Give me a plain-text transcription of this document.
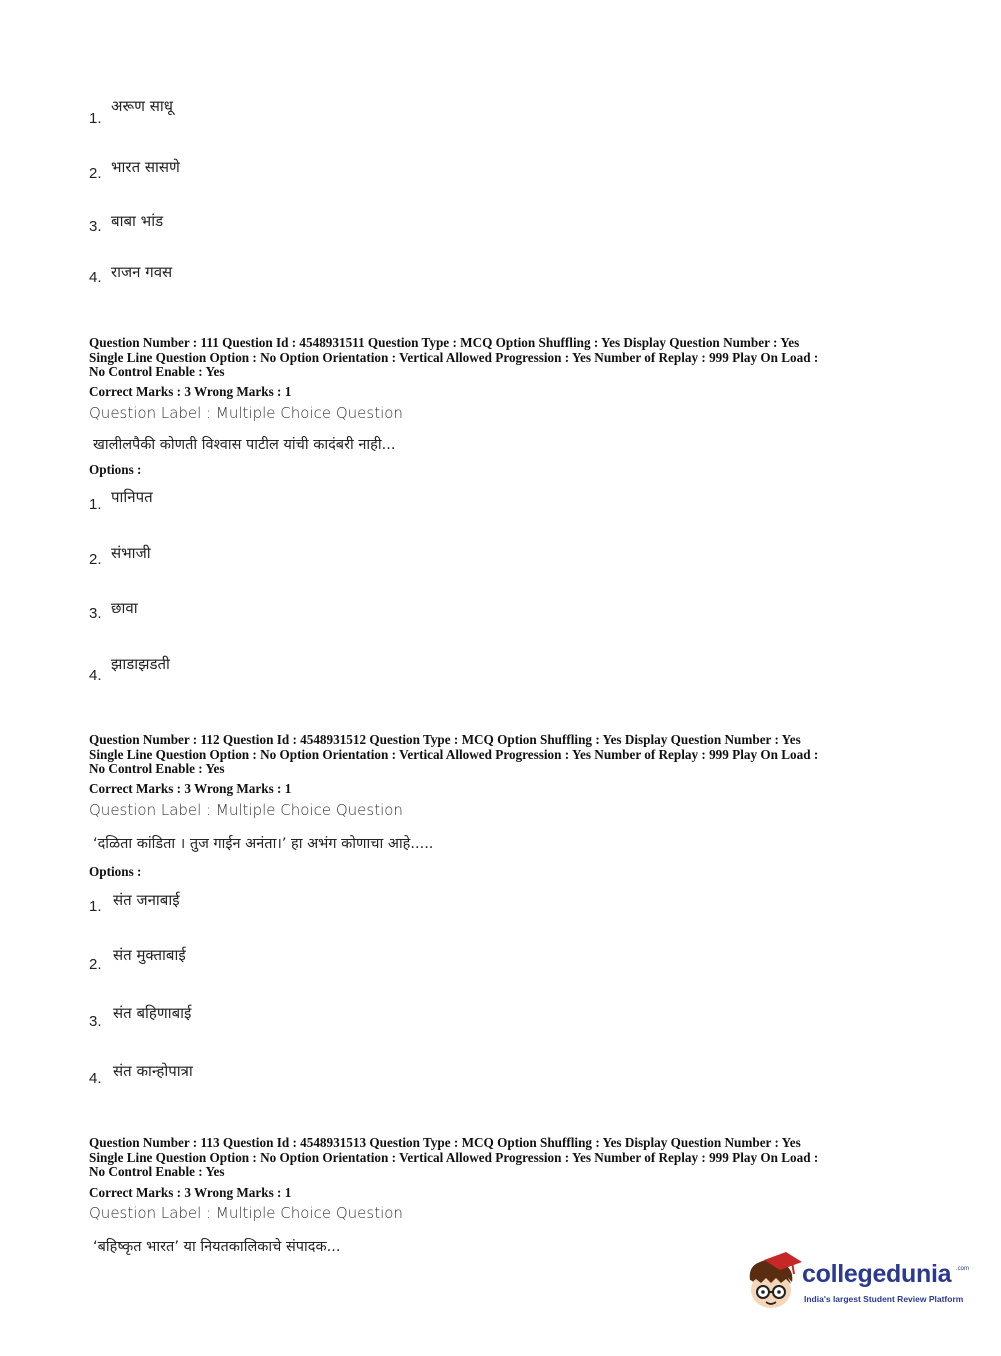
1.
अरूण साधू
2. भारत सासणे
3. बाबा भांड
4. राजन गवस
Question Number : 111 Question Id : 4548931511 Question Type : MCQ Option Shuffling : Yes Display Question Number : Yes
Single Line Question Option : No Option Orientation : Vertical Allowed Progression : Yes Number of Replay : 999 Play On Load :
No Control Enable : Yes
Correct Marks : 3 Wrong Marks : 1
Question Label : Multiple Choice Question
खालीलपैकी कोणती विश्वास पाटील यांची कादंबरी नाही...
Options :
1. पानिपत
2. संभाजी
3. छावा
4.
झाडाझडती
Question Number : 112 Question Id : 4548931512 Question Type : MCQ Option Shuffling : Yes Display Question Number : Yes
Single Line Question Option : No Option Orientation : Vertical Allowed Progression : Yes Number of Replay : 999 Play On Load :
No Control Enable : Yes
Correct Marks : 3 Wrong Marks : 1
Question Label : Multiple Choice Question
‘दळिता कांडिता । तुज गाईन अनंता।’ हा अभंग कोणाचा आहे.....
Options :
1. संत जनाबाई
2.
संत मुक्ताबाई
3. संत बहिणाबाई
4. संत कान्होपात्रा
Question Number : 113 Question Id : 4548931513 Question Type : MCQ Option Shuffling : Yes Display Question Number : Yes
Single Line Question Option : No Option Orientation : Vertical Allowed Progression : Yes Number of Replay : 999 Play On Load :
No Control Enable : Yes
Correct Marks : 3 Wrong Marks : 1
Question Label : Multiple Choice Question
‘बहिष्कृत भारत’ या नियतकालिकाचे संपादक...
collegedunia .com
India's largest Student Review Platform
